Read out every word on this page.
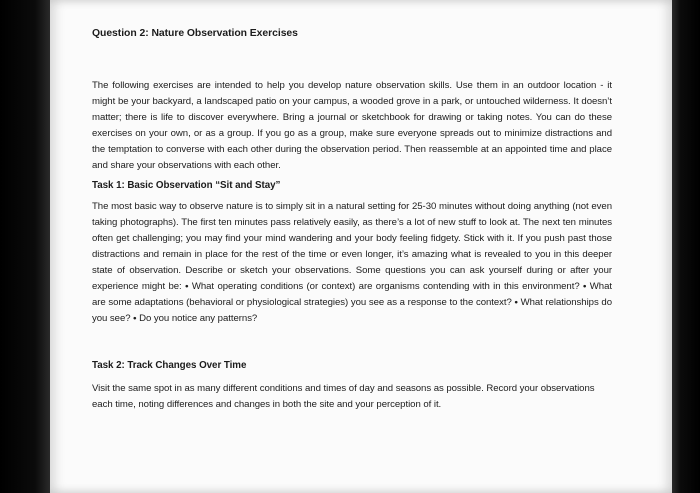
Question 2: Nature Observation Exercises

The following exercises are intended to help you develop nature observation skills. Use them in an outdoor location - it might be your backyard, a landscaped patio on your campus, a wooded grove in a park, or untouched wilderness. It doesn’t matter; there is life to discover everywhere. Bring a journal or sketchbook for drawing or taking notes. You can do these exercises on your own, or as a group. If you go as a group, make sure everyone spreads out to minimize distractions and the temptation to converse with each other during the observation period. Then reassemble at an appointed time and place and share your observations with each other.

Task 1: Basic Observation “Sit and Stay”

The most basic way to observe nature is to simply sit in a natural setting for 25-30 minutes without doing anything (not even taking photographs). The first ten minutes pass relatively easily, as there’s a lot of new stuff to look at. The next ten minutes often get challenging; you may find your mind wandering and your body feeling fidgety. Stick with it. If you push past those distractions and remain in place for the rest of the time or even longer, it’s amazing what is revealed to you in this deeper state of observation. Describe or sketch your observations. Some questions you can ask yourself during or after your experience might be: • What operating conditions (or context) are organisms contending with in this environment? • What are some adaptations (behavioral or physiological strategies) you see as a response to the context? • What relationships do you see? • Do you notice any patterns?

Task 2: Track Changes Over Time

Visit the same spot in as many different conditions and times of day and seasons as possible. Record your observations each time, noting differences and changes in both the site and your perception of it.
